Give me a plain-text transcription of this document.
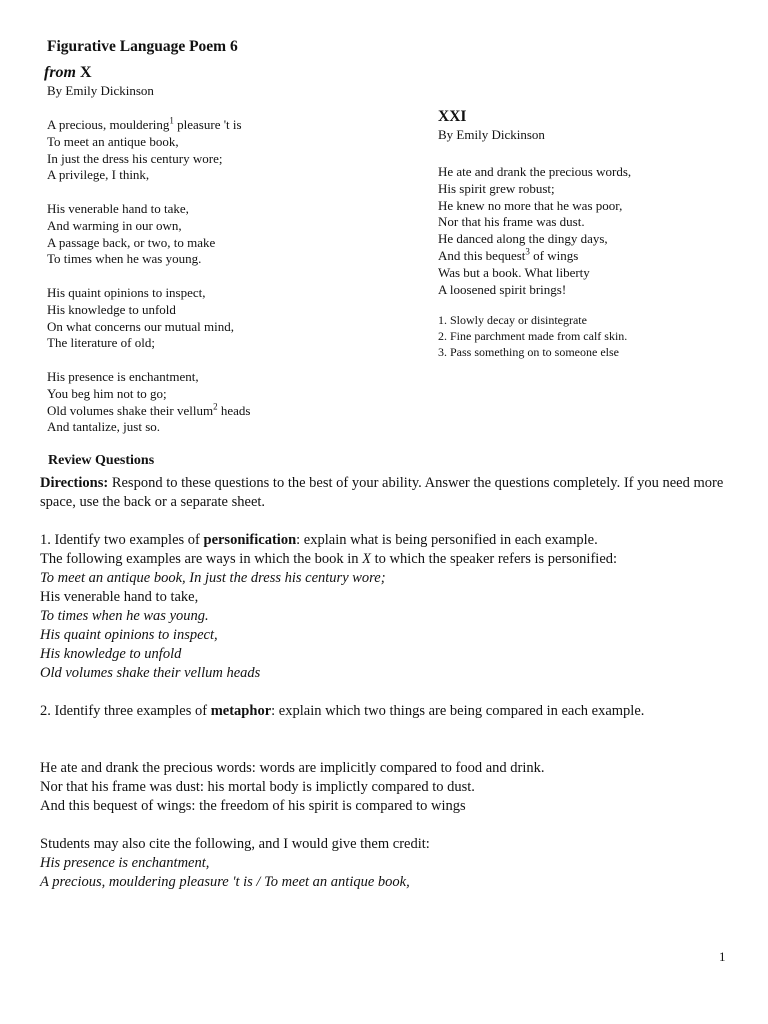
Figurative Language Poem 6
from X
By Emily Dickinson
A precious, mouldering$^1$ pleasure 't is
To meet an antique book,
In just the dress his century wore;
A privilege, I think,
His venerable hand to take,
And warming in our own,
A passage back, or two, to make
To times when he was young.
His quaint opinions to inspect,
His knowledge to unfold
On what concerns our mutual mind,
The literature of old;
His presence is enchantment,
You beg him not to go;
Old volumes shake their vellum$^2$ heads
And tantalize, just so.
XXI
By Emily Dickinson
He ate and drank the precious words,
His spirit grew robust;
He knew no more that he was poor,
Nor that his frame was dust.
He danced along the dingy days,
And this bequest$^3$ of wings
Was but a book. What liberty
A loosened spirit brings!
1. Slowly decay or disintegrate
2. Fine parchment made from calf skin.
3. Pass something on to someone else
Review Questions

Directions: Respond to these questions to the best of your ability. Answer the questions completely. If you need more space, use the back or a separate sheet.

1. Identify two examples of personification: explain what is being personified in each example.

The following examples are ways in which the book in X to which the speaker refers is personified:

To meet an antique book, In just the dress his century wore;

His venerable hand to take,

To times when he was young.

His quaint opinions to inspect,

His knowledge to unfold

Old volumes shake their vellum heads

2. Identify three examples of metaphor: explain which two things are being compared in each example.

He ate and drank the precious words: words are implicitly compared to food and drink.

Nor that his frame was dust: his mortal body is implictly compared to dust.

And this bequest of wings: the freedom of his spirit is compared to wings

Students may also cite the following, and I would give them credit:

His presence is enchantment,

A precious, mouldering pleasure 't is / To meet an antique book,

1
